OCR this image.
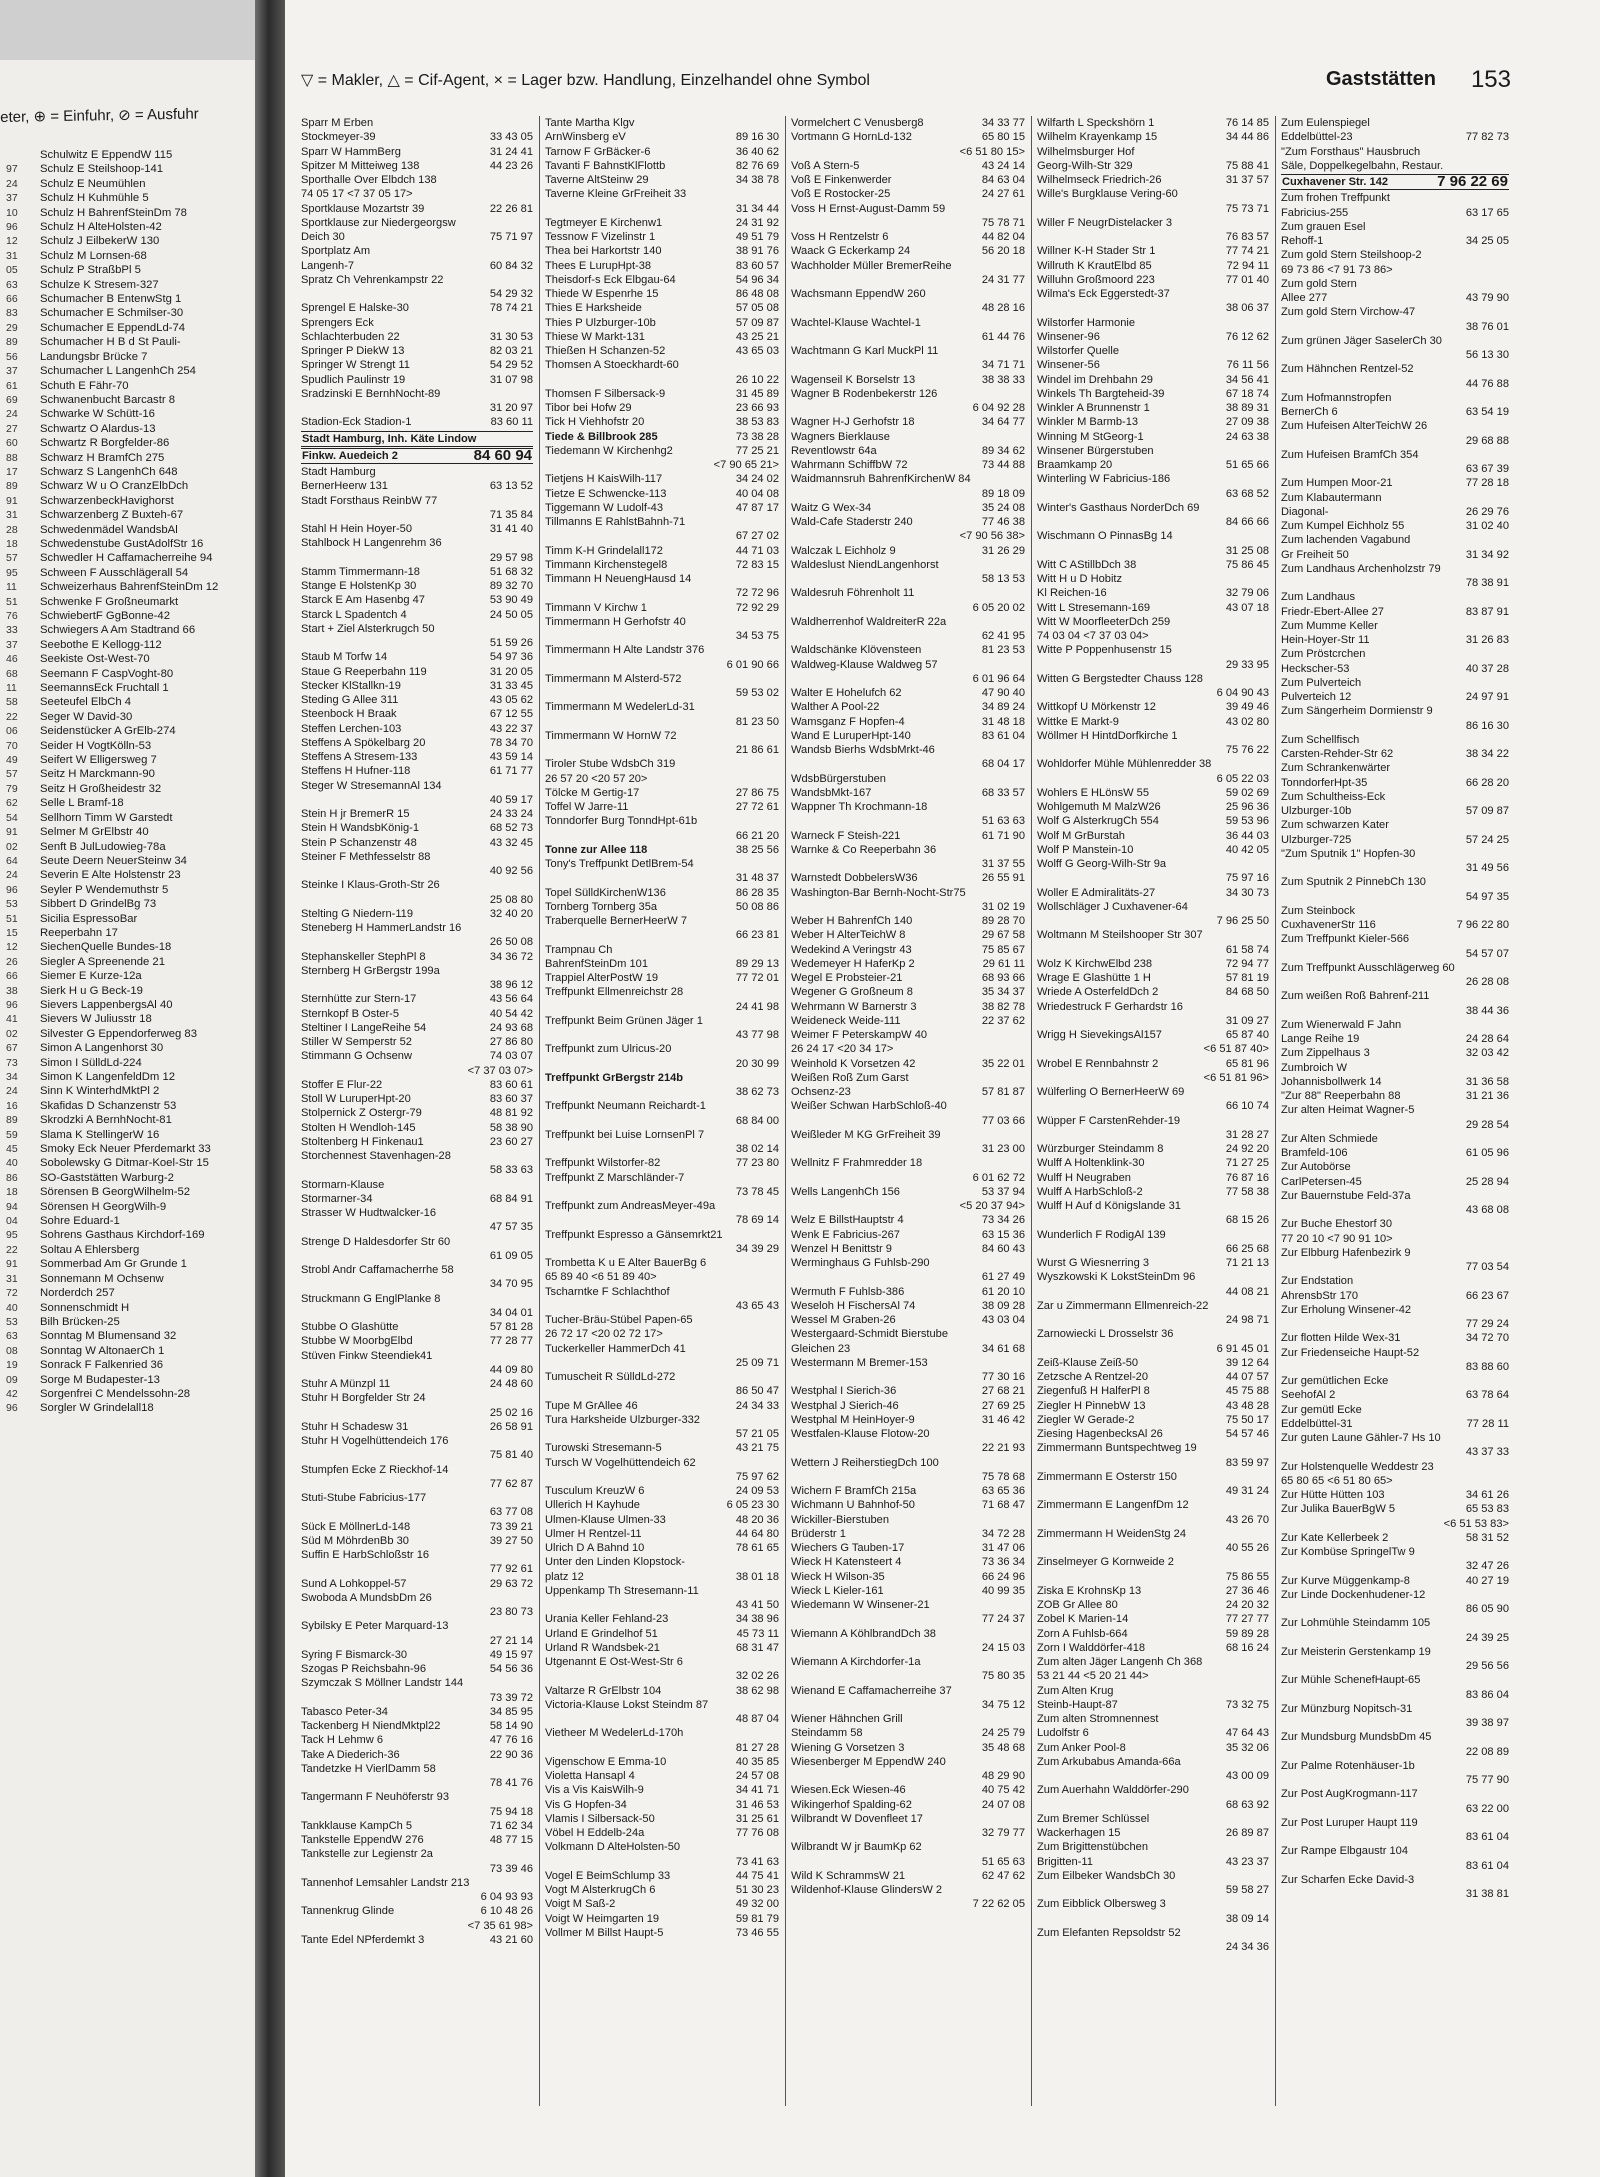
eter, ⊕ = Einfuhr, ⊘ = Ausfuhr
Schulwitz E EppendW 115
97	Schulz E Steilshoop-141
24	Schulz E Neumühlen
37	Schulz H Kuhmühle 5
10	Schulz H BahrenfSteinDm 78
96	Schulz H AlteHolsten-42
12	Schulz J EilbekerW 130
31	Schulz M Lornsen-68
05	Schulz P StraßbPl 5
63	Schulze K Stresem-327
66	Schumacher B EntenwStg 1
83	Schumacher E Schmilser-30
29	Schumacher E EppendLd-74
89	Schumacher H B d St Pauli-
56	Landungsbr Brücke 7
37	Schumacher L LangenhCh 254
61	Schuth E Fähr-70
69	Schwanenbucht Barcastr 8
24	Schwarke W Schütt-16
27	Schwartz O Alardus-13
60	Schwartz R Borgfelder-86
88	Schwarz H BramfCh 275
17	Schwarz S LangenhCh 648
89	Schwarz W u O CranzElbDch
91	SchwarzenbeckHavighorst
31	Schwarzenberg Z Buxteh-67
28	Schwedenmädel WandsbAl
18	Schwedenstube GustAdolfStr 16
57	Schwedler H Caffamacherreihe 94
95	Schween F Ausschlägerall 54
11	Schweizerhaus BahrenfSteinDm 12
51	Schwenke F Großneumarkt
76	SchwiebertF GgBonne-42
33	Schwiegers A Am Stadtrand 66
37	Seebothe E Kellogg-112
46	Seekiste Ost-West-70
68	Seemann F CaspVoght-80
11	SeemannsEck Fruchtall 1
58	Seeteufel ElbCh 4
22	Seger W David-30
06	Seidenstücker A GrElb-274
70	Seider H VogtKölln-53
49	Seifert W Elligersweg 7
57	Seitz H Marckmann-90
79	Seitz H Großheidestr 32
62	Selle L Bramf-18
54	Sellhorn Timm W Garstedt
91	Selmer M GrElbstr 40
02	Senft B JulLudowieg-78a
64	Seute Deern NeuerSteinw 34
24	Severin E Alte Holstenstr 23
96	Seyler P Wendemuthstr 5
53	Sibbert D GrindelBg 73
51	Sicilia EspressoBar
15	Reeperbahn 17
12	SiechenQuelle Bundes-18
26	Siegler A Spreenende 21
66	Siemer E Kurze-12a
38	Sierk H u G Beck-19
96	Sievers LappenbergsAl 40
41	Sievers W Juliusstr 18
02	Silvester G Eppendorferweg 83
67	Simon A Langenhorst 30
73	Simon I SülldLd-224
34	Simon K LangenfeldDm 12
24	Sinn K WinterhdMktPl 2
16	Skafidas D Schanzenstr 53
89	Skrodzki A BernhNocht-81
59	Slama K StellingerW 16
45	Smoky Eck Neuer Pferdemarkt 33
40	Sobolewsky G Ditmar-Koel-Str 15
86	SO-Gaststätten Warburg-2
18	Sörensen B GeorgWilhelm-52
94	Sörensen H GeorgWilh-9
04	Sohre Eduard-1
95	Sohrens Gasthaus Kirchdorf-169
22	Soltau A Ehlersberg
91	Sommerbad Am Gr Grunde 1
31	Sonnemann M Ochsenw
72	Norderdch 257
40	Sonnenschmidt H
53	Bilh Brücken-25
63	Sonntag M Blumensand 32
08	Sonntag W AltonaerCh 1
19	Sonrack F Falkenried 36
09	Sorge M Budapester-13
42	Sorgenfrei C Mendelssohn-28
96	Sorgler W Grindelall18
▽ = Makler, △ = Cif-Agent, × = Lager bzw. Handlung, Einzelhandel ohne Symbol	Gaststätten 153
Sparr M Erben
Stockmeyer-39	33 43 05
Sparr W HammBerg	31 24 41
Spitzer M Mitteiweg 138	44 23 26
Sporthalle Over Elbdch 138
74 05 17 <7 37 05 17>
Sportklause Mozartstr 39	22 26 81
Sportklause zur Niedergeorgsw
Deich 30	75 71 97
Sportplatz Am
Langenh-7	60 84 32
Spratz Ch Vehrenkampstr 22
54 29 32
Sprengel E Halske-30	78 74 21
Sprengers Eck
Schlachterbuden 22	31 30 53
Springer P DiekW 13	82 03 21
Springer W Strengt 11	54 29 52
Spudlich Paulinstr 19	31 07 98
Sradzinski E BernhNocht-89
31 20 97
Stadion-Eck Stadion-1	83 60 11
Stadt Hamburg, Inh. Käte Lindow
Finkw. Auedeich 2	84 60 94
Stadt Hamburg
BernerHeerw 131	63 13 52
Stadt Forsthaus ReinbW 77
71 35 84
Stahl H Hein Hoyer-50	31 41 40
Stahlbock H Langenrehm 36
29 57 98
Stamm Timmermann-18	51 68 32
Stange E HolstenKp 30	89 32 70
Starck E Am Hasenbg 47	53 90 49
Starck L Spadentch 4	24 50 05
Start + Ziel Alsterkrugch 50
51 59 26
Staub M Torfw 14	54 97 36
Staue G Reeperbahn 119	31 20 05
Stecker KlStallkn-19	31 33 45
Steding G Allee 311	43 05 62
Steenbock H Braak	67 12 55
Steffen Lerchen-103	43 22 37
Steffens A Spökelbarg 20	78 34 70
Steffens A Stresem-133	43 59 14
Steffens H Hufner-118	61 71 77
Steger W StresemannAl 134
40 59 17
Stein H jr BremerR 15	24 33 24
Stein H WandsbKönig-1	68 52 73
Stein P Schanzenstr 48	43 32 45
Steiner F Methfesselstr 88
40 92 56
Steinke I Klaus-Groth-Str 26
25 08 80
Stelting G Niedern-119	32 40 20
Steneberg H HammerLandstr 16
26 50 08
Stephanskeller StephPl 8	34 36 72
Sternberg H GrBergstr 199a
38 96 12
Sternhütte zur Stern-17	43 56 64
Sternkopf B Oster-5	40 54 42
Steltiner I LangeReihe 54	24 93 68
Stiller W Semperstr 52	27 86 80
Stimmann G Ochsenw	74 03 07
<7 37 03 07>
Stoffer E Flur-22	83 60 61
Stoll W LuruperHpt-20	83 60 37
Stolpernick Z Ostergr-79	48 81 92
Stolten H Wendloh-145	58 38 90
Stoltenberg H Finkenau1	23 60 27
Storchennest Stavenhagen-28
58 33 63
Stormarn-Klause
Stormarner-34	68 84 91
Strasser W Hudtwalcker-16
47 57 35
Strenge D Haldesdorfer Str 60
61 09 05
Strobl Andr Caffamacherrhe 58
34 70 95
Struckmann G EnglPlanke 8
34 04 01
Stubbe O Glashütte	57 81 28
Stubbe W MoorbgElbd	77 28 77
Stüven Finkw Steendiek41
44 09 80
Stuhr A Münzpl 11	24 48 60
Stuhr H Borgfelder Str 24
25 02 16
Stuhr H Schadesw 31	26 58 91
Stuhr H Vogelhüttendeich 176
75 81 40
Stumpfen Ecke Z Rieckhof-14
77 62 87
Stuti-Stube Fabricius-177
63 77 08
Sück E MöllnerLd-148	73 39 21
Süd M MöhrdenBb 30	39 27 50
Suffin E HarbSchloßstr 16
77 92 61
Sund A Lohkoppel-57	29 63 72
Swoboda A MundsbDm 26
23 80 73
Sybilsky E Peter Marquard-13
27 21 14
Syring F Bismarck-30	49 15 97
Szogas P Reichsbahn-96	54 56 36
Szymczak S Möllner Landstr 144
73 39 72
Tabasco Peter-34	34 85 95
Tackenberg H NiendMktpl22	58 14 90
Tack H Lehmw 6	47 76 16
Take A Diederich-36	22 90 36
Tandetzke H VierlDamm 58
78 41 76
Tangermann F Neuhöferstr 93
75 94 18
Tankklause KampCh 5	71 62 34
Tankstelle EppendW 276	48 77 15
Tankstelle zur Legienstr 2a
73 39 46
Tannenhof Lemsahler Landstr 213
6 04 93 93
Tannenkrug Glinde	6 10 48 26
<7 35 61 98>
Tante Edel NPferdemkt 3	43 21 60
Tante Martha Klgv
ArnWinsberg eV	89 16 30
Tarnow F GrBäcker-6	36 40 62
Tavanti F BahnstKlFlottb	82 76 69
Taverne AltSteinw 29	34 38 78
Taverne Kleine GrFreiheit 33
31 34 44
Tegtmeyer E Kirchenw1	24 31 92
Tessnow F Vizelinstr 1	49 51 79
Thea bei Harkortstr 140	38 91 76
Thees E LurupHpt-38	83 60 57
Theisdorf-s Eck Elbgau-64	54 96 34
Thiede W Espenrhe 15	86 48 08
Thies E Harksheide	57 05 08
Thies P Ulzburger-10b	57 09 87
Thiese W Markt-131	43 25 21
Thießen H Schanzen-52	43 65 03
Thomsen A Stoeckhardt-60
26 10 22
Thomsen F Silbersack-9	31 45 89
Tibor bei Hofw 29	23 66 93
Tick H Viehhofstr 20	38 53 83
Tiede & Billbrook 285	73 38 28
Tiedemann W Kirchenhg2	77 25 21
<7 90 65 21>
Tietjens H KaisWilh-117	34 24 02
Tietze E Schwencke-113	40 04 08
Tiggemann W Ludolf-43	47 87 17
Tillmanns E RahlstBahnh-71
67 27 02
Timm K-H Grindelall172	44 71 03
Timmann Kirchenstegel8	72 83 15
Timmann H NeuengHausd 14
72 72 96
Timmann V Kirchw 1	72 92 29
Timmermann H Gerhofstr 40
34 53 75
Timmermann H Alte Landstr 376
6 01 90 66
Timmermann M Alsterd-572
59 53 02
Timmermann M WedelerLd-31
81 23 50
Timmermann W HornW 72
21 86 61
Tiroler Stube WdsbCh 319
26 57 20 <20 57 20>
Tölcke M Gertig-17	27 86 75
Toffel W Jarre-11	27 72 61
Tonndorfer Burg TonndHpt-61b
66 21 20
Tonne zur Allee 118	38 25 56
Tony's Treffpunkt DetlBrem-54
31 48 37
Topel SülldKirchenW136	86 28 35
Tornberg Tornberg 35a	50 08 86
Traberquelle BernerHeerW 7
66 23 81
Trampnau Ch
BahrenfSteinDm 101	89 29 13
Trappiel AlterPostW 19	77 72 01
Treffpunkt Ellmenreichstr 28
24 41 98
Treffpunkt Beim Grünen Jäger 1
43 77 98
Treffpunkt zum Ulricus-20
20 30 99
Treffpunkt GrBergstr 214b
38 62 73
Treffpunkt Neumann Reichardt-1
68 84 00
Treffpunkt bei Luise LornsenPl 7
38 02 14
Treffpunkt Wilstorfer-82	77 23 80
Treffpunkt Z Marschländer-7
73 78 45
Treffpunkt zum AndreasMeyer-49a
78 69 14
Treffpunkt Espresso a Gänsemrkt21
34 39 29
Trombetta K u E Alter BauerBg 6
65 89 40 <6 51 89 40>
Tscharntke F Schlachthof
43 65 43
Tucher-Bräu-Stübel Papen-65
26 72 17 <20 02 72 17>
Tuckerkeller HammerDch 41
25 09 71
Tumuscheit R SülldLd-272
86 50 47
Tupe M GrAllee 46	24 34 33
Tura Harksheide Ulzburger-332
57 21 05
Turowski Stresemann-5	43 21 75
Tursch W Vogelhüttendeich 62
75 97 62
Tusculum KreuzW 6	24 09 53
Ullerich H Kayhude	6 05 23 30
Ulmen-Klause Ulmen-33	48 20 36
Ulmer H Rentzel-11	44 64 80
Ulrich D A Bahnd 10	78 61 65
Unter den Linden Klopstock-
platz 12	38 01 18
Uppenkamp Th Stresemann-11
43 41 50
Urania Keller Fehland-23	34 38 96
Urland E Grindelhof 51	45 73 11
Urland R Wandsbek-21	68 31 47
Utgenannt E Ost-West-Str 6
32 02 26
Valtarze R GrElbstr 104	38 62 98
Victoria-Klause Lokst Steindm 87
48 87 04
Vietheer M WedelerLd-170h
81 27 28
Vigenschow E Emma-10	40 35 85
Violetta Hansapl 4	24 57 08
Vis a Vis KaisWilh-9	34 41 71
Vis G Hopfen-34	31 46 53
Vlamis I Silbersack-50	31 25 61
Vöbel H Eddelb-24a	77 76 08
Volkmann D AlteHolsten-50
73 41 63
Vogel E BeimSchlump 33	44 75 41
Vogt M AlsterkrugCh 6	51 30 23
Voigt M Saß-2	49 32 00
Voigt W Heimgarten 19	59 81 79
Vollmer M Billst Haupt-5	73 46 55
Vormelchert C Venusberg8	34 33 77
Vortmann G HornLd-132	65 80 15
<6 51 80 15>
Voß A Stern-5	43 24 14
Voß E Finkenwerder	84 63 04
Voß E Rostocker-25	24 27 61
Voss H Ernst-August-Damm 59
75 78 71
Voss H Rentzelstr 6	44 82 04
Waack G Eckerkamp 24	56 20 18
Wachholder Müller BremerReihe
24 31 77
Wachsmann EppendW 260
48 28 16
Wachtel-Klause Wachtel-1
61 44 76
Wachtmann G Karl MuckPl 11
34 71 71
Wagenseil K Borselstr 13	38 38 33
Wagner B Rodenbekerstr 126
6 04 92 28
Wagner H-J Gerhofstr 18	34 64 77
Wagners Bierklause
Reventlowstr 64a	89 34 62
Wahrmann SchiffbW 72	73 44 88
Waidmannsruh BahrenfKirchenW 84
89 18 09
Waitz G Wex-34	35 24 08
Wald-Cafe Staderstr 240	77 46 38
<7 90 56 38>
Walczak L Eichholz 9	31 26 29
Waldeslust NiendLangenhorst
58 13 53
Waldesruh Föhrenholt 11
6 05 20 02
Waldherrenhof WaldreiterR 22a
62 41 95
Waldschänke Klövensteen	81 23 53
Waldweg-Klause Waldweg 57
6 01 96 64
Walter E Hohelufch 62	47 90 40
Walther A Pool-22	34 89 24
Wamsganz F Hopfen-4	31 48 18
Wand E LuruperHpt-140	83 61 04
Wandsb Bierhs WdsbMrkt-46
68 04 17
WdsbBürgerstuben
WandsbMkt-167	68 33 57
Wappner Th Krochmann-18
51 63 63
Warneck F Steish-221	61 71 90
Warnke & Co Reeperbahn 36
31 37 55
Warnstedt DobbelersW36	26 55 91
Washington-Bar Bernh-Nocht-Str75
31 02 19
Weber H BahrenfCh 140	89 28 70
Weber H AlterTeichW 8	29 67 58
Wedekind A Veringstr 43	75 85 67
Wedemeyer H HaferKp 2	29 61 11
Wegel E Probsteier-21	68 93 66
Wegener G Großneum 8	35 34 37
Wehrmann W Barnerstr 3	38 82 78
Weideneck Weide-111	22 37 62
Weimer F PeterskampW 40
26 24 17 <20 34 17>
Weinhold K Vorsetzen 42	35 22 01
Weißen Roß Zum Garst
Ochsenz-23	57 81 87
Weißer Schwan HarbSchloß-40
77 03 66
Weißleder M KG GrFreiheit 39
31 23 00
Wellnitz F Frahmredder 18
6 01 62 72
Wells LangenhCh 156	53 37 94
<5 20 37 94>
Welz E BillstHauptstr 4	73 34 26
Wenk E Fabricius-267	63 15 36
Wenzel H Benittstr 9	84 60 43
Werminghaus G Fuhlsb-290
61 27 49
Wermuth F Fuhlsb-386	61 20 10
Weseloh H FischersAl 74	38 09 28
Wessel M Graben-26	43 03 04
Westergaard-Schmidt Bierstube
Gleichen 23	34 61 68
Westermann M Bremer-153
77 30 16
Westphal I Sierich-36	27 68 21
Westphal J Sierich-46	27 69 25
Westphal M HeinHoyer-9	31 46 42
Westfalen-Klause Flotow-20
22 21 93
Wettern J ReiherstiegDch 100
75 78 68
Wichern F BramfCh 215a	63 65 36
Wichmann U Bahnhof-50	71 68 47
Wickiller-Bierstuben
Brüderstr 1	34 72 28
Wiechers G Tauben-17	31 47 06
Wieck H Katensteert 4	73 36 34
Wieck H Wilson-35	66 24 96
Wieck L Kieler-161	40 99 35
Wiedemann W Winsener-21
77 24 37
Wiemann A KöhlbrandDch 38
24 15 03
Wiemann A Kirchdorfer-1a
75 80 35
Wienand E Caffamacherreihe 37
34 75 12
Wiener Hähnchen Grill
Steindamm 58	24 25 79
Wiening G Vorsetzen 3	35 48 68
Wiesenberger M EppendW 240
48 29 90
Wiesen.Eck Wiesen-46	40 75 42
Wikingerhof Spalding-62	24 07 08
Wilbrandt W Dovenfleet 17
32 79 77
Wilbrandt W jr BaumKp 62
51 65 63
Wild K SchrammsW 21	62 47 62
Wildenhof-Klause GlindersW 2
7 22 62 05
Wilfarth L Speckshörn 1	76 14 85
Wilhelm Krayenkamp 15	34 44 86
Wilhelmsburger Hof
Georg-Wilh-Str 329	75 88 41
Wilhelmseck Friedrich-26	31 37 57
Wille's Burgklause Vering-60
75 73 71
Willer F NeugrDistelacker 3
76 83 57
Willner K-H Stader Str 1	77 74 21
Willruth K KrautElbd 85	72 94 11
Willuhn Großmoord 223	77 01 40
Wilma's Eck Eggerstedt-37
38 06 37
Wilstorfer Harmonie
Winsener-96	76 12 62
Wilstorfer Quelle
Winsener-56	76 11 56
Windel im Drehbahn 29	34 56 41
Winkels Th Bargteheid-39	67 18 74
Winkler A Brunnenstr 1	38 89 31
Winkler M Barmb-13	27 09 38
Winning M StGeorg-1	24 63 38
Winsener Bürgerstuben
Braamkamp 20	51 65 66
Winterling W Fabricius-186
63 68 52
Winter's Gasthaus NorderDch 69
84 66 66
Wischmann O PinnasBg 14
31 25 08
Witt C AStillbDch 38	75 86 45
Witt H u D Hobitz
Kl Reichen-16	32 79 06
Witt L Stresemann-169	43 07 18
Witt W MoorfleeterDch 259
74 03 04 <7 37 03 04>
Witte P Poppenhusenstr 15
29 33 95
Witten G Bergstedter Chauss 128
6 04 90 43
Wittkopf U Mörkenstr 12	39 49 46
Wittke E Markt-9	43 02 80
Wöllmer H HintdDorfkirche 1
75 76 22
Wohldorfer Mühle Mühlenredder 38
6 05 22 03
Wohlers E HLönsW 55	59 02 69
Wohlgemuth M MalzW26	25 96 36
Wolf G AlsterkrugCh 554	59 53 96
Wolf M GrBurstah	36 44 03
Wolf P Manstein-10	40 42 05
Wolff G Georg-Wilh-Str 9a
75 97 16
Woller E Admiralitäts-27	34 30 73
Wollschläger J Cuxhavener-64
7 96 25 50
Woltmann M Steilshooper Str 307
61 58 74
Wolz K KirchwElbd 238	72 94 77
Wrage E Glashütte 1 H	57 81 19
Wriede A OsterfeldDch 2	84 68 50
Wriedestruck F Gerhardstr 16
31 09 27
Wrigg H SievekingsAl157	65 87 40
<6 51 87 40>
Wrobel E Rennbahnstr 2	65 81 96
<6 51 81 96>
Wülferling O BernerHeerW 69
66 10 74
Wüpper F CarstenRehder-19
31 28 27
Würzburger Steindamm 8	24 92 20
Wulff A Holtenklink-30	71 27 25
Wulff H Neugraben	76 87 16
Wulff A HarbSchloß-2	77 58 38
Wulff H Auf d Königslande 31
68 15 26
Wunderlich F RodigAl 139
66 25 68
Wurst G Wiesnerring 3	71 21 13
Wyszkowski K LokstSteinDm 96
44 08 21
Zar u Zimmermann Ellmenreich-22
24 98 71
Zarnowiecki L Drosselstr 36
6 91 45 01
Zeiß-Klause Zeiß-50	39 12 64
Zetzsche A Rentzel-20	44 07 57
Ziegenfuß H HalferPl 8	45 75 88
Ziegler H PinnebW 13	43 48 28
Ziegler W Gerade-2	75 50 17
Ziesing HagenbecksAl 26	54 57 46
Zimmermann Buntspechtweg 19
83 59 97
Zimmermann E Osterstr 150
49 31 24
Zimmermann E LangenfDm 12
43 26 70
Zimmermann H WeidenStg 24
40 55 26
Zinselmeyer G Kornweide 2
75 86 55
Ziska E KrohnsKp 13	27 36 46
ZOB Gr Allee 80	24 20 32
Zobel K Marien-14	77 27 77
Zorn A Fuhlsb-664	59 89 28
Zorn I Walddörfer-418	68 16 24
Zum alten Jäger Langenh Ch 368
53 21 44 <5 20 21 44>
Zum Alten Krug
Steinb-Haupt-87	73 32 75
Zum alten Stromnennest
Ludolfstr 6	47 64 43
Zum Anker Pool-8	35 32 06
Zum Arkubabus Amanda-66a
43 00 09
Zum Auerhahn Walddörfer-290
68 63 92
Zum Bremer Schlüssel
Wackerhagen 15	26 89 87
Zum Brigittenstübchen
Brigitten-11	43 23 37
Zum Eilbeker WandsbCh 30
59 58 27
Zum Eibblick Olbersweg 3
38 09 14
Zum Elefanten Repsoldstr 52
24 34 36
Zum Eulenspiegel
Eddelbüttel-23	77 82 73
"Zum Forsthaus" Hausbruch
Säle, Doppelkegelbahn, Restaur.
Cuxhavener Str. 142	7 96 22 69
Zum frohen Treffpunkt
Fabricius-255	63 17 65
Zum grauen Esel
Rehoff-1	34 25 05
Zum gold Stern Steilshoop-2
69 73 86 <7 91 73 86>
Zum gold Stern
Allee 277	43 79 90
Zum gold Stern Virchow-47
38 76 01
Zum grünen Jäger SaselerCh 30
56 13 30
Zum Hähnchen Rentzel-52
44 76 88
Zum Hofmannstropfen
BernerCh 6	63 54 19
Zum Hufeisen AlterTeichW 26
29 68 88
Zum Hufeisen BramfCh 354
63 67 39
Zum Humpen Moor-21	77 28 18
Zum Klabautermann
Diagonal-	26 29 76
Zum Kumpel Eichholz 55	31 02 40
Zum lachenden Vagabund
Gr Freiheit 50	31 34 92
Zum Landhaus Archenholzstr 79
78 38 91
Zum Landhaus
Friedr-Ebert-Allee 27	83 87 91
Zum Mumme Keller
Hein-Hoyer-Str 11	31 26 83
Zum Pröstcrchen
Heckscher-53	40 37 28
Zum Pulverteich
Pulverteich 12	24 97 91
Zum Sängerheim Dormienstr 9
86 16 30
Zum Schellfisch
Carsten-Rehder-Str 62	38 34 22
Zum Schrankenwärter
TonndorferHpt-35	66 28 20
Zum Schultheiss-Eck
Ulzburger-10b	57 09 87
Zum schwarzen Kater
Ulzburger-725	57 24 25
"Zum Sputnik 1" Hopfen-30
31 49 56
Zum Sputnik 2 PinnebCh 130
54 97 35
Zum Steinbock
CuxhavenerStr 116	7 96 22 80
Zum Treffpunkt Kieler-566
54 57 07
Zum Treffpunkt Ausschlägerweg 60
26 28 08
Zum weißen Roß Bahrenf-211
38 44 36
Zum Wienerwald F Jahn
Lange Reihe 19	24 28 64
Zum Zippelhaus 3	32 03 42
Zumbroich W
Johannisbollwerk 14	31 36 58
"Zur 88" Reeperbahn 88	31 21 36
Zur alten Heimat Wagner-5
29 28 54
Zur Alten Schmiede
Bramfeld-106	61 05 96
Zur Autobörse
CarlPetersen-45	25 28 94
Zur Bauernstube Feld-37a
43 68 08
Zur Buche Ehestorf 30
77 20 10 <7 90 91 10>
Zur Elbburg Hafenbezirk 9
77 03 54
Zur Endstation
AhrensbStr 170	66 23 67
Zur Erholung Winsener-42
77 29 24
Zur flotten Hilde Wex-31	34 72 70
Zur Friedenseiche Haupt-52
83 88 60
Zur gemütlichen Ecke
SeehofAl 2	63 78 64
Zur gemütl Ecke
Eddelbüttel-31	77 28 11
Zur guten Laune Gähler-7 Hs 10
43 37 33
Zur Holstenquelle Weddestr 23
65 80 65 <6 51 80 65>
Zur Hütte Hütten 103	34 61 26
Zur Julika BauerBgW 5	65 53 83
<6 51 53 83>
Zur Kate Kellerbeek 2	58 31 52
Zur Kombüse SpringelTw 9
32 47 26
Zur Kurve Müggenkamp-8	40 27 19
Zur Linde Dockenhudener-12
86 05 90
Zur Lohmühle Steindamm 105
24 39 25
Zur Meisterin Gerstenkamp 19
29 56 56
Zur Mühle SchenefHaupt-65
83 86 04
Zur Münzburg Nopitsch-31
39 38 97
Zur Mundsburg MundsbDm 45
22 08 89
Zur Palme Rotenhäuser-1b
75 77 90
Zur Post AugKrogmann-117
63 22 00
Zur Post Luruper Haupt 119
83 61 04
Zur Rampe Elbgaustr 104
83 61 04
Zur Scharfen Ecke David-3
31 38 81
